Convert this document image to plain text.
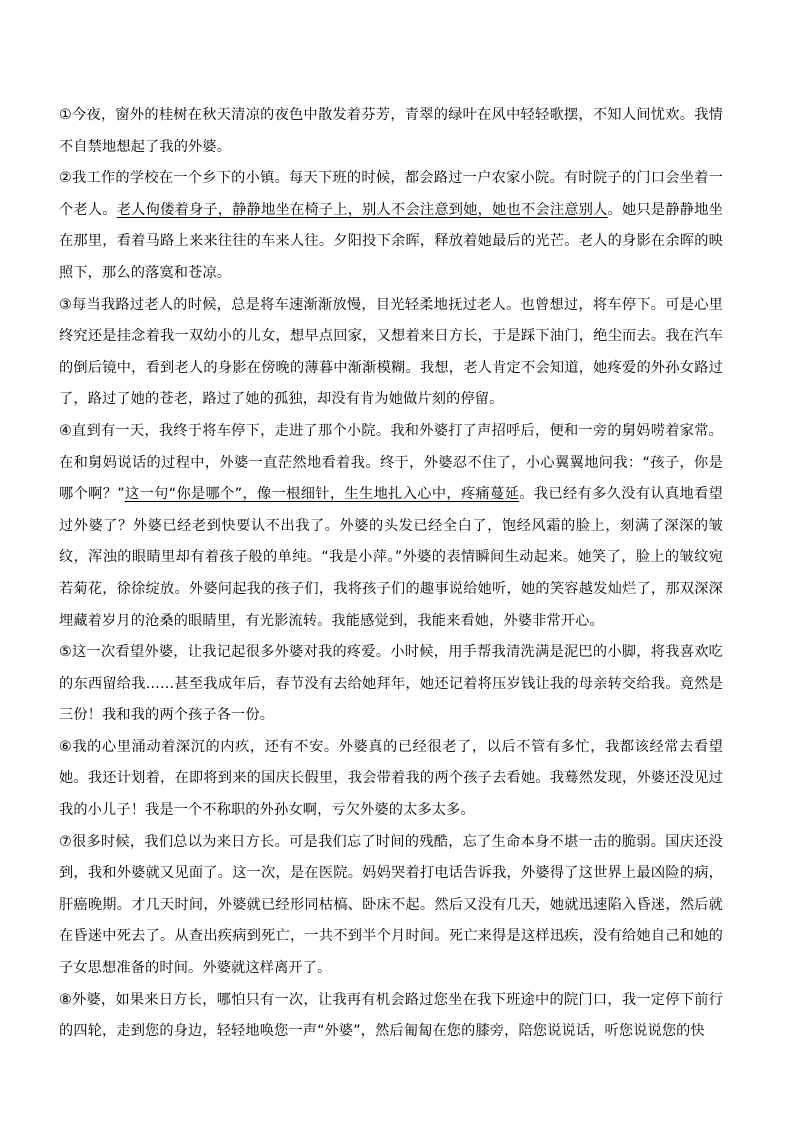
①今夜，窗外的桂树在秋天清凉的夜色中散发着芬芳，青翠的绿叶在风中轻轻歌摆，不知人间忧欢。我情不自禁地想起了我的外婆。

②我工作的学校在一个乡下的小镇。每天下班的时候，都会路过一户农家小院。有时院子的门口会坐着一个老人。老人佝偻着身子，静静地坐在椅子上，别人不会注意到她，她也不会注意别人。她只是静静地坐在那里，看着马路上来来往往的车来人往。夕阳投下余晖，释放着她最后的光芒。老人的身影在余晖的映照下，那么的落寞和苍凉。

③每当我路过老人的时候，总是将车速渐渐放慢，目光轻柔地抚过老人。也曾想过，将车停下。可是心里终究还是挂念着我一双幼小的儿女，想早点回家，又想着来日方长，于是踩下油门，绝尘而去。我在汽车的倒后镜中，看到老人的身影在傍晚的薄暮中渐渐模糊。我想，老人肯定不会知道，她疼爱的外孙女路过了，路过了她的苍老，路过了她的孤独，却没有肯为她做片刻的停留。

④直到有一天，我终于将车停下，走进了那个小院。我和外婆打了声招呼后，便和一旁的舅妈唠着家常。在和舅妈说话的过程中，外婆一直茫然地看着我。终于，外婆忍不住了，小心翼翼地问我：“孩子，你是哪个啊？”这一句“你是哪个”，像一根细针，生生地扎入心中，疼痛蔓延。我已经有多久没有认真地看望过外婆了？外婆已经老到快要认不出我了。外婆的头发已经全白了，饱经风霜的脸上，刻满了深深的皱纹，浑浊的眼睛里却有着孩子般的单纯。“我是小萍。”外婆的表情瞬间生动起来。她笑了，脸上的皱纹宛若菊花，徐徐绽放。外婆问起我的孩子们，我将孩子们的趣事说给她听，她的笑容越发灿烂了，那双深深埋藏着岁月的沧桑的眼睛里，有光影流转。我能感觉到，我能来看她，外婆非常开心。

⑤这一次看望外婆，让我记起很多外婆对我的疼爱。小时候，用手帮我清洗满是泥巴的小脚，将我喜欢吃的东西留给我……甚至我成年后，春节没有去给她拜年，她还记着将压岁钱让我的母亲转交给我。竟然是三份！我和我的两个孩子各一份。

⑥我的心里涌动着深沉的内疚，还有不安。外婆真的已经很老了，以后不管有多忙，我都该经常去看望她。我还计划着，在即将到来的国庆长假里，我会带着我的两个孩子去看她。我蓦然发现，外婆还没见过我的小儿子！我是一个不称职的外孙女啊，亏欠外婆的太多太多。

⑦很多时候，我们总以为来日方长。可是我们忘了时间的残酷，忘了生命本身不堪一击的脆弱。国庆还没到，我和外婆就又见面了。这一次，是在医院。妈妈哭着打电话告诉我，外婆得了这世界上最凶险的病，肝癌晚期。才几天时间，外婆就已经形同枯槁、卧床不起。然后又没有几天，她就迅速陷入昏迷，然后就在昏迷中死去了。从查出疾病到死亡，一共不到半个月时间。死亡来得是这样迅疾，没有给她自己和她的子女思想准备的时间。外婆就这样离开了。

⑧外婆，如果来日方长，哪怕只有一次，让我再有机会路过您坐在我下班途中的院门口，我一定停下前行的四轮，走到您的身边，轻轻地唤您一声“外婆”，然后匍匐在您的膝旁，陪您说说话，听您说说您的快
